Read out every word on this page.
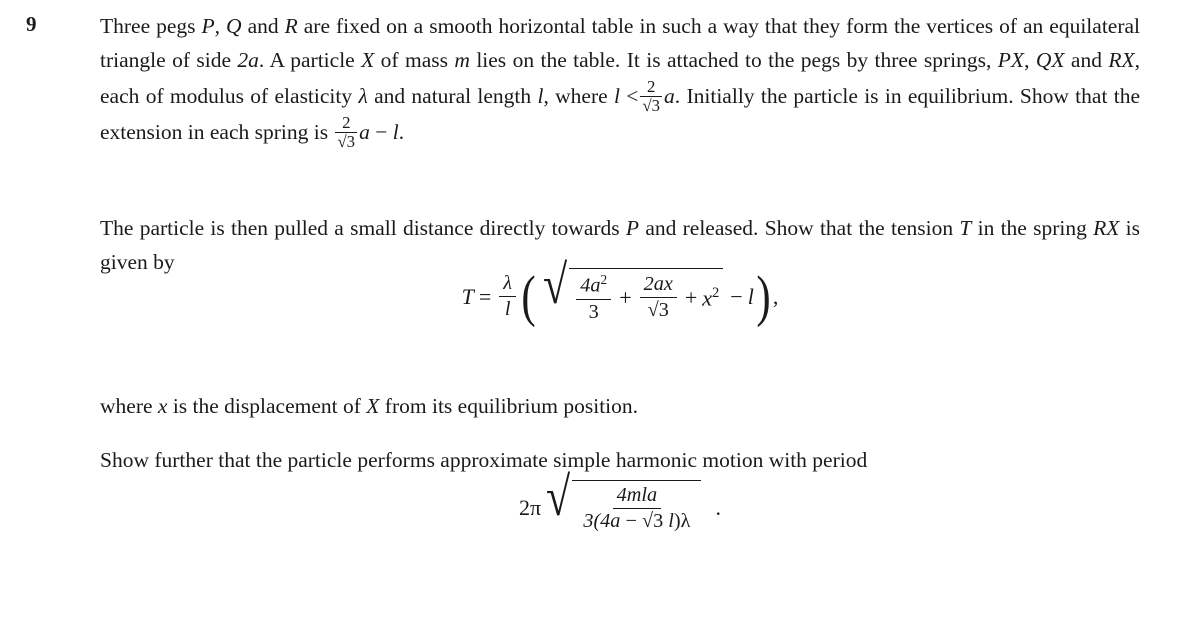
9	Three pegs P, Q and R are fixed on a smooth horizontal table in such a way that they form the vertices of an equilateral triangle of side 2a. A particle X of mass m lies on the table. It is attached to the pegs by three springs, PX, QX and RX, each of modulus of elasticity λ and natural length l, where $l < \frac{2}{√3} a$. Initially the particle is in equilibrium. Show that the extension in each spring is $\frac{2}{√3}$ a − l.
The particle is then pulled a small distance directly towards P and released. Show that the tension T in the spring RX is given by
$T = \frac{\lambda}{l}$ ( √ $4a^2$
3
+ $\frac{2ax}{√3} + x^2 - l$ ) ,
where x is the displacement of X from its equilibrium position.
Show further that the particle performs approximate simple harmonic motion with period
2π √ 4mla
3(4a − √3 l)λ
.
